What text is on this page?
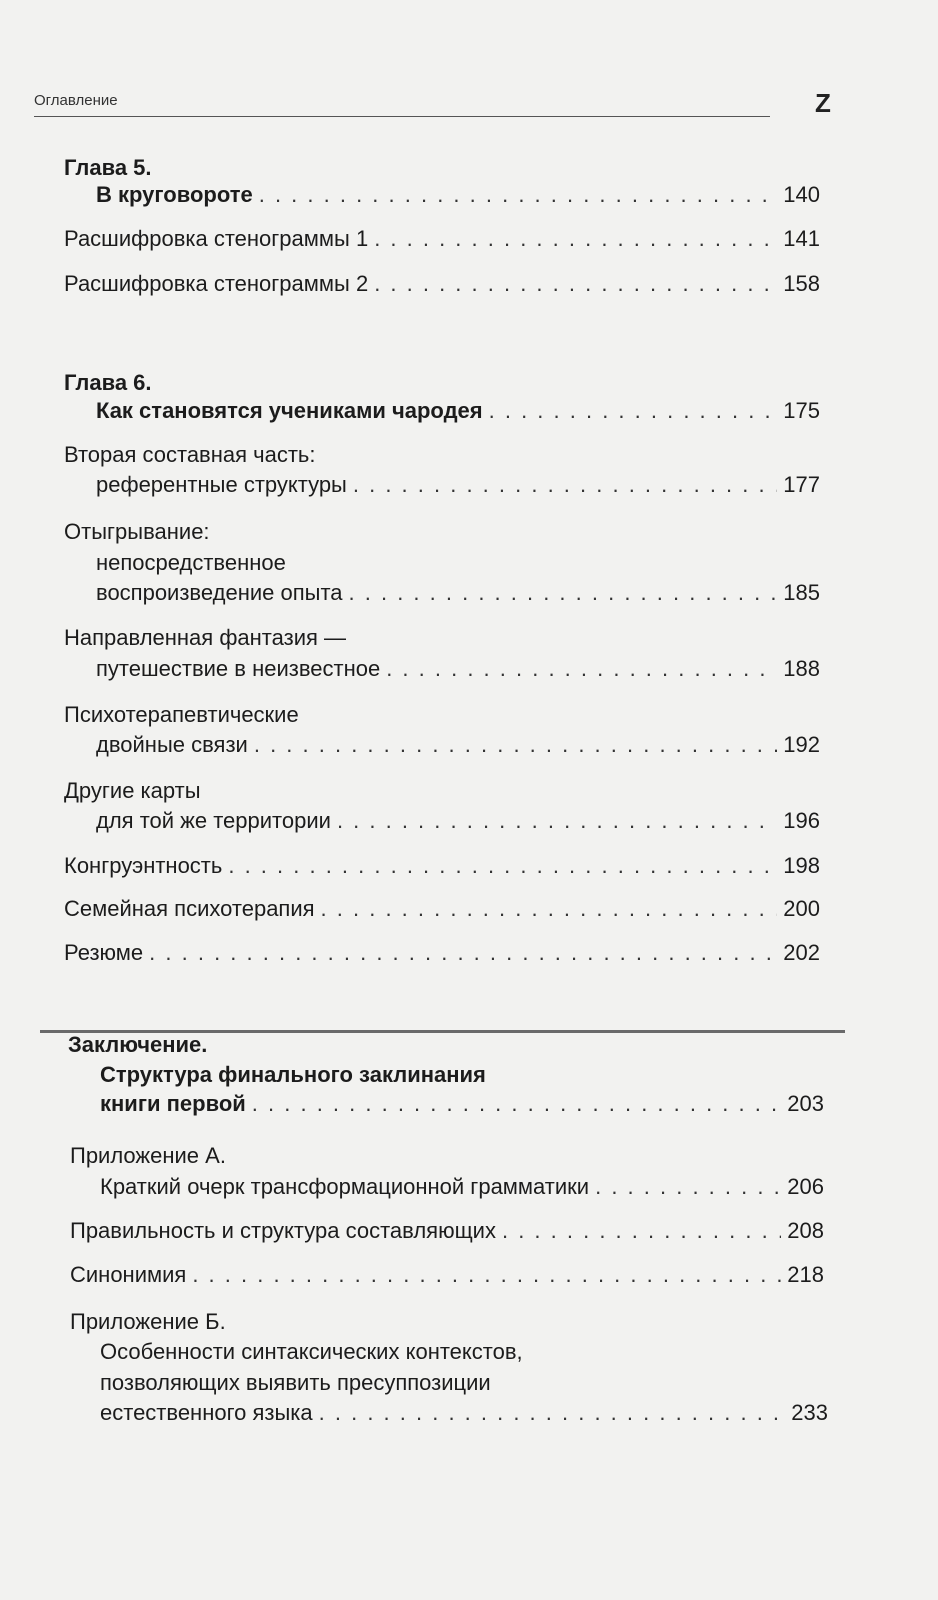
Оглавление	Z
Глава 5.
В круговороте . . .	140
Расшифровка стенограммы 1 . . .	141
Расшифровка стенограммы 2 . . .	158
Глава 6.
Как становятся учениками чародея . . .	175
Вторая составная часть:
референтные структуры . . .	177
Отыгрывание:
непосредственное
воспроизведение опыта . . .	185
Направленная фантазия —
путешествие в неизвестное . . .	188
Психотерапевтические
двойные связи . . .	192
Другие карты
для той же территории . . .	196
Конгруэнтность . . .	198
Семейная психотерапия . . .	200
Резюме . . .	202
Заключение.
Структура финального заклинания
книги первой . . .	203
Приложение А.
Краткий очерк трансформационной грамматики . . .	206
Правильность и структура составляющих . . .	208
Синонимия . . .	218
Приложение Б.
Особенности синтаксических контекстов,
позволяющих выявить пресуппозиции
естественного языка . . .	233
